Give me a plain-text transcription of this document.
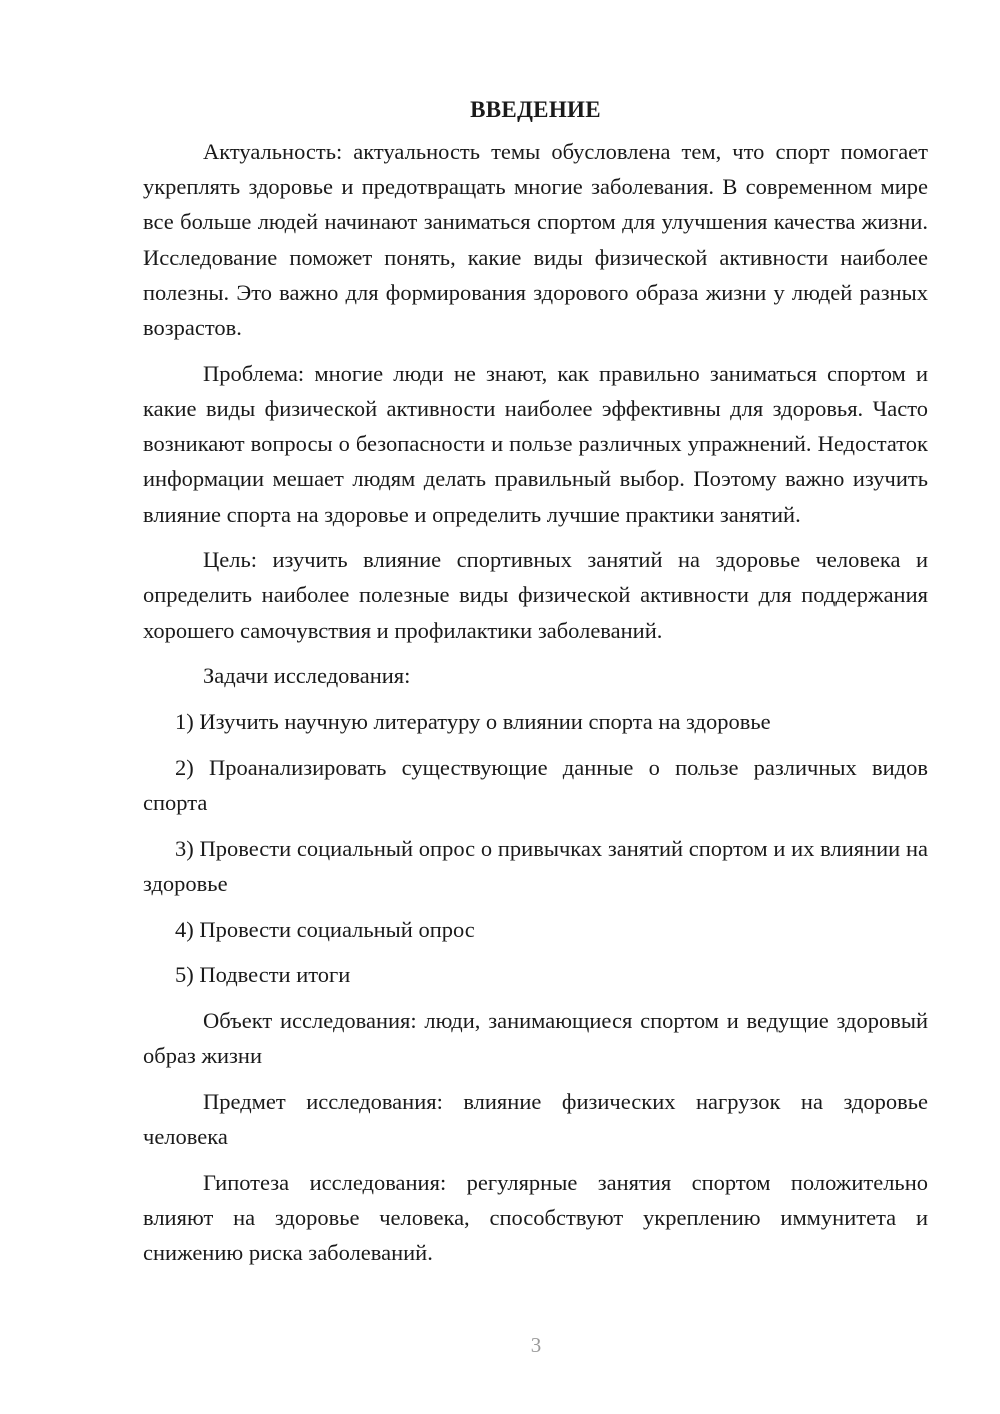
ВВЕДЕНИЕ

Актуальность: актуальность темы обусловлена тем, что спорт помогает укреплять здоровье и предотвращать многие заболевания. В современном мире все больше людей начинают заниматься спортом для улучшения качества жизни. Исследование поможет понять, какие виды физической активности наиболее полезны. Это важно для формирования здорового образа жизни у людей разных возрастов.

Проблема: многие люди не знают, как правильно заниматься спортом и какие виды физической активности наиболее эффективны для здоровья. Часто возникают вопросы о безопасности и пользе различных упражнений. Недостаток информации мешает людям делать правильный выбор. Поэтому важно изучить влияние спорта на здоровье и определить лучшие практики занятий.

Цель: изучить влияние спортивных занятий на здоровье человека и определить наиболее полезные виды физической активности для поддержания хорошего самочувствия и профилактики заболеваний.

Задачи исследования:

1) Изучить научную литературу о влиянии спорта на здоровье

2) Проанализировать существующие данные о пользе различных видов спорта

3) Провести социальный опрос о привычках занятий спортом и их влиянии на здоровье

4) Провести социальный опрос

5) Подвести итоги

Объект исследования: люди, занимающиеся спортом и ведущие здоровый образ жизни

Предмет исследования: влияние физических нагрузок на здоровье человека

Гипотеза исследования: регулярные занятия спортом положительно влияют на здоровье человека, способствуют укреплению иммунитета и снижению риска заболеваний.

3
